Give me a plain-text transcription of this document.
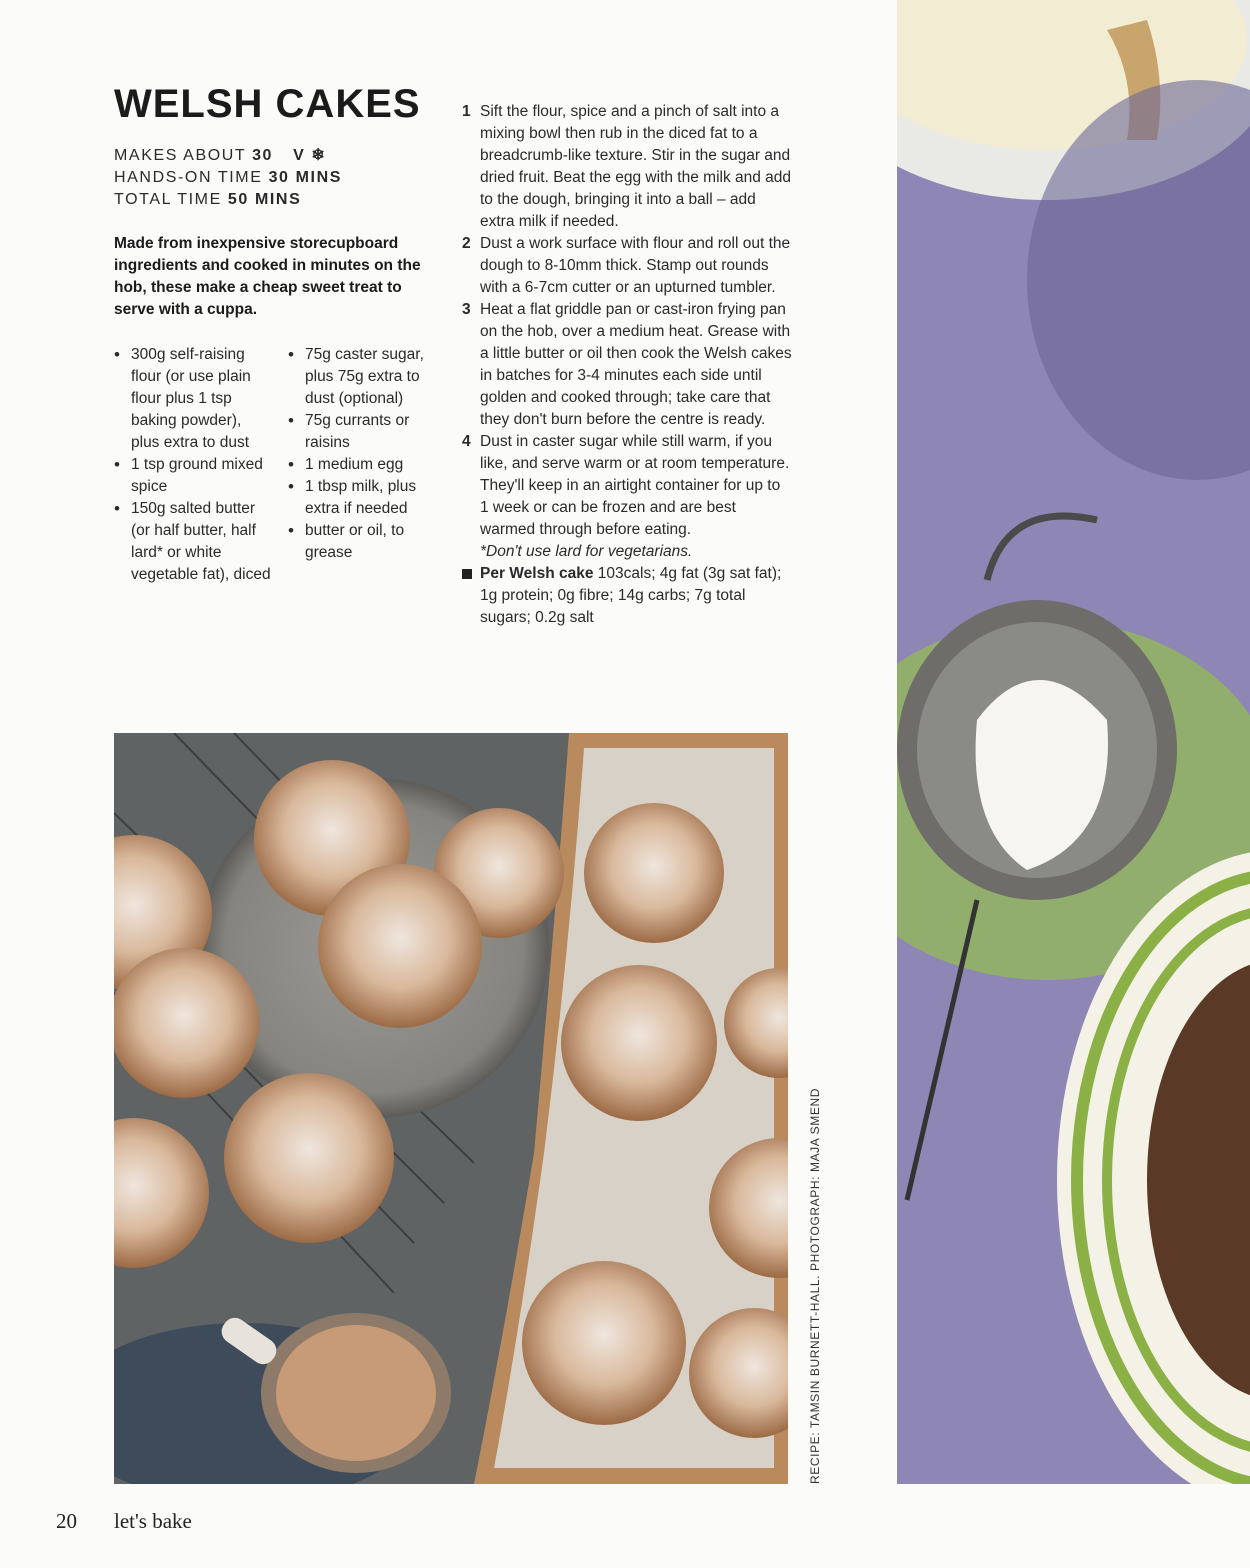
WELSH CAKES
MAKES ABOUT 30 V ❄
HANDS-ON TIME 30 MINS
TOTAL TIME 50 MINS
Made from inexpensive storecupboard ingredients and cooked in minutes on the hob, these make a cheap sweet treat to serve with a cuppa.
• 300g self-raising flour (or use plain flour plus 1 tsp baking powder), plus extra to dust
• 1 tsp ground mixed spice
• 150g salted butter (or half butter, half lard* or white vegetable fat), diced
• 75g caster sugar, plus 75g extra to dust (optional)
• 75g currants or raisins
• 1 medium egg
• 1 tbsp milk, plus extra if needed
• butter or oil, to grease
1 Sift the flour, spice and a pinch of salt into a mixing bowl then rub in the diced fat to a breadcrumb-like texture. Stir in the sugar and dried fruit. Beat the egg with the milk and add to the dough, bringing it into a ball – add extra milk if needed.
2 Dust a work surface with flour and roll out the dough to 8-10mm thick. Stamp out rounds with a 6-7cm cutter or an upturned tumbler.
3 Heat a flat griddle pan or cast-iron frying pan on the hob, over a medium heat. Grease with a little butter or oil then cook the Welsh cakes in batches for 3-4 minutes each side until golden and cooked through; take care that they don't burn before the centre is ready.
4 Dust in caster sugar while still warm, if you like, and serve warm or at room temperature. They'll keep in an airtight container for up to 1 week or can be frozen and are best warmed through before eating.
*Don't use lard for vegetarians.
Per Welsh cake 103cals; 4g fat (3g sat fat); 1g protein; 0g fibre; 14g carbs; 7g total sugars; 0.2g salt
RECIPE: TAMSIN BURNETT-HALL. PHOTOGRAPH: MAJA SMEND
20 let's bake
